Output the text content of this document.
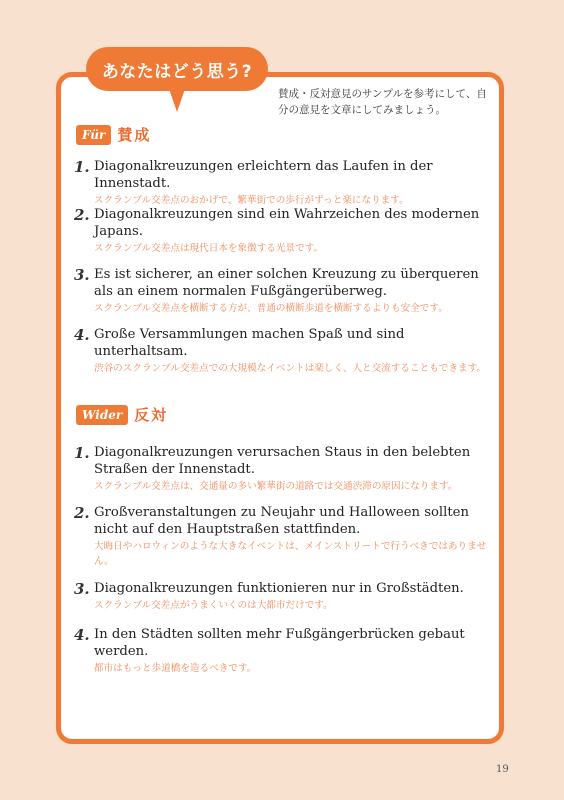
あなたはどう思う?
賛成・反対意見のサンプルを参考にして、自分の意見を文章にしてみましょう。
Für 賛成
1. Diagonalkreuzungen erleichtern das Laufen in der Innenstadt.
スクランブル交差点のおかげで、繁華街での歩行がずっと楽になります。
2. Diagonalkreuzungen sind ein Wahrzeichen des modernen Japans.
スクランブル交差点は現代日本を象徴する光景です。
3. Es ist sicherer, an einer solchen Kreuzung zu überqueren als an einem normalen Fußgängerüberweg.
スクランブル交差点を横断する方が、普通の横断歩道を横断するよりも安全です。
4. Große Versammlungen machen Spaß und sind unterhaltsam.
渋谷のスクランブル交差点での大規模なイベントは楽しく、人と交流することもできます。
Wider 反対
1. Diagonalkreuzungen verursachen Staus in den belebten Straßen der Innenstadt.
スクランブル交差点は、交通量の多い繁華街の道路では交通渋滞の原因になります。
2. Großveranstaltungen zu Neujahr und Halloween sollten nicht auf den Hauptstraßen stattfinden.
大晦日やハロウィンのような大きなイベントは、メインストリートで行うべきではありません。
3. Diagonalkreuzungen funktionieren nur in Großstädten.
スクランブル交差点がうまくいくのは大都市だけです。
4. In den Städten sollten mehr Fußgängerbrücken gebaut werden.
都市はもっと歩道橋を造るべきです。
19
